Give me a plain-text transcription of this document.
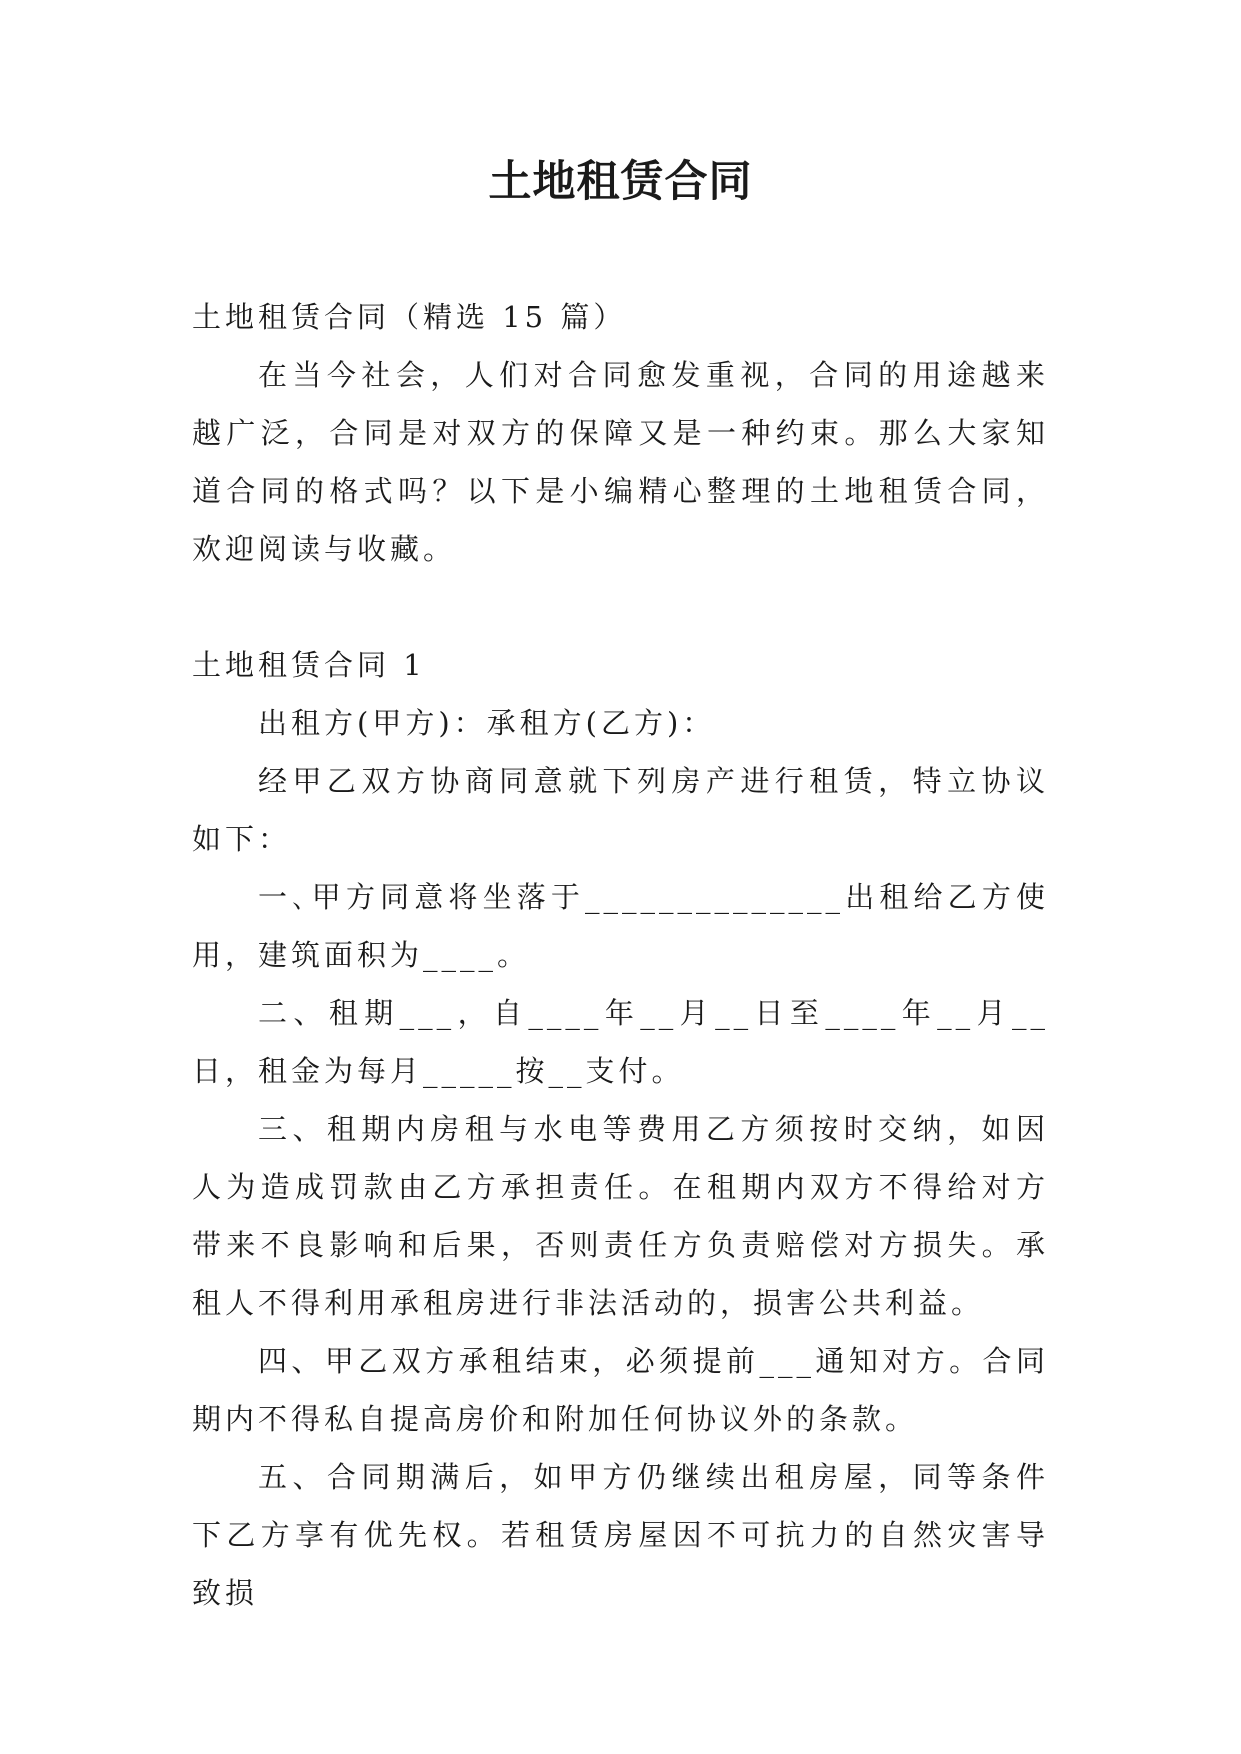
土地租赁合同

土地租赁合同（精选 15 篇）

在当今社会，人们对合同愈发重视，合同的用途越来越广泛，合同是对双方的保障又是一种约束。那么大家知道合同的格式吗？以下是小编精心整理的土地租赁合同，欢迎阅读与收藏。

土地租赁合同 1

出租方(甲方)：承租方(乙方)：

经甲乙双方协商同意就下列房产进行租赁，特立协议如下：

一､甲方同意将坐落于______________出租给乙方使用，建筑面积为____。

二、租期___，自____年__月__日至____年__月__日，租金为每月_____按__支付。

三、租期内房租与水电等费用乙方须按时交纳，如因人为造成罚款由乙方承担责任。在租期内双方不得给对方带来不良影响和后果，否则责任方负责赔偿对方损失。承租人不得利用承租房进行非法活动的，损害公共利益。

四、甲乙双方承租结束，必须提前___通知对方。合同期内不得私自提高房价和附加任何协议外的条款。

五、合同期满后，如甲方仍继续出租房屋，同等条件下乙方享有优先权。若租赁房屋因不可抗力的自然灾害导致损
